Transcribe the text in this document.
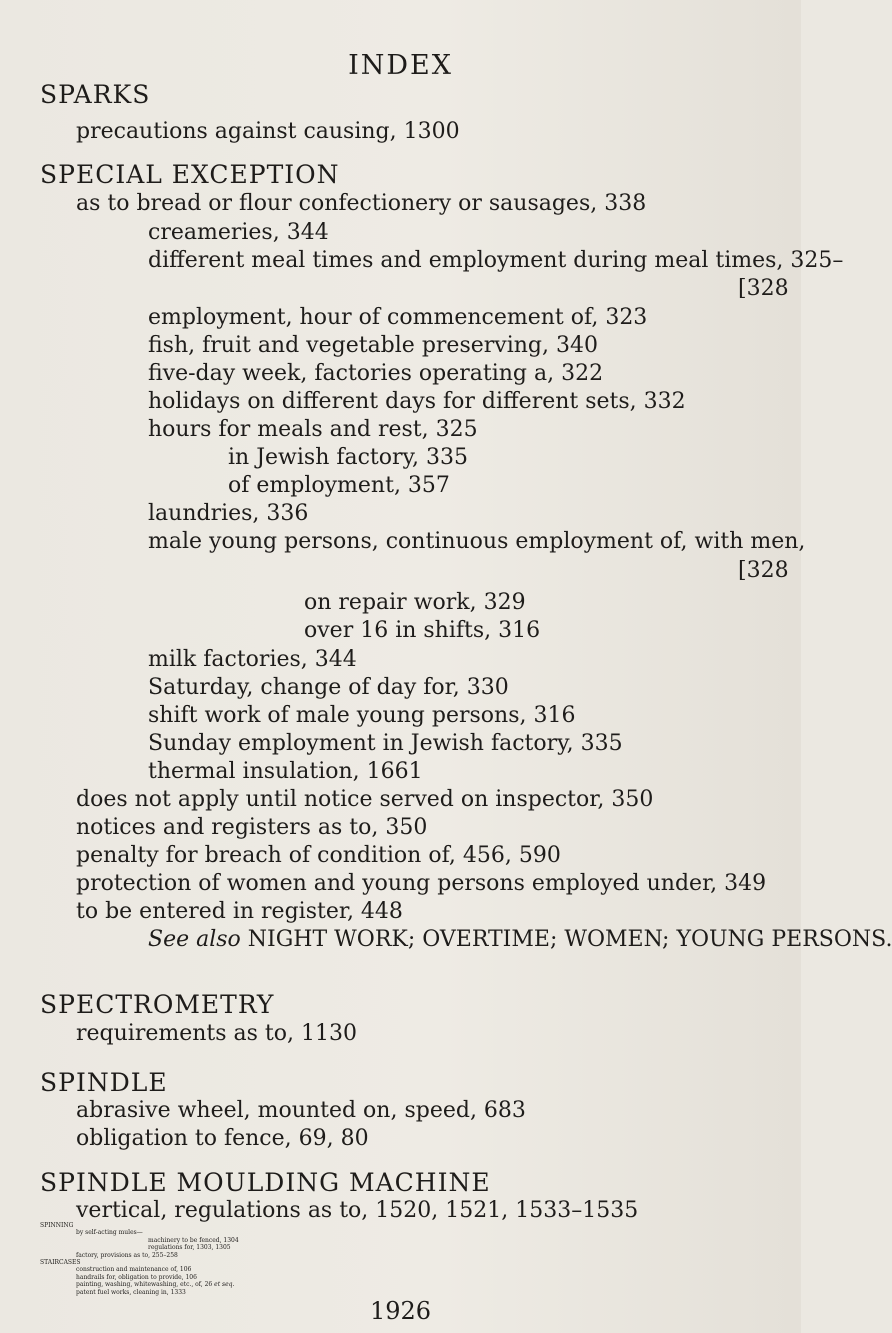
INDEX
SPARKS
precautions against causing, 1300
SPECIAL EXCEPTION
as to bread or flour confectionery or sausages, 338
creameries, 344
different meal times and employment during meal times, 325–
[328
employment, hour of commencement of, 323
fish, fruit and vegetable preserving, 340
five-day week, factories operating a, 322
holidays on different days for different sets, 332
hours for meals and rest, 325
in Jewish factory, 335
of employment, 357
laundries, 336
male young persons, continuous employment of, with men,
[328
on repair work, 329
over 16 in shifts, 316
milk factories, 344
Saturday, change of day for, 330
shift work of male young persons, 316
Sunday employment in Jewish factory, 335
thermal insulation, 1661
does not apply until notice served on inspector, 350
notices and registers as to, 350
penalty for breach of condition of, 456, 590
protection of women and young persons employed under, 349
to be entered in register, 448
See also NIGHT WORK; OVERTIME; WOMEN; YOUNG PERSONS.
SPECTROMETRY
requirements as to, 1130
SPINDLE
abrasive wheel, mounted on, speed, 683
obligation to fence, 69, 80
SPINDLE MOULDING MACHINE
vertical, regulations as to, 1520, 1521, 1533–1535
1926
SPINNING
by self-acting mules—
machinery to be fenced, 1304
regulations for, 1303, 1305
factory, provisions as to, 255–258
STAIRCASES
construction and maintenance of, 106
handrails for, obligation to provide, 106
painting, washing, whitewashing, etc., of, 26 et seq.
patent fuel works, cleaning in, 1333
